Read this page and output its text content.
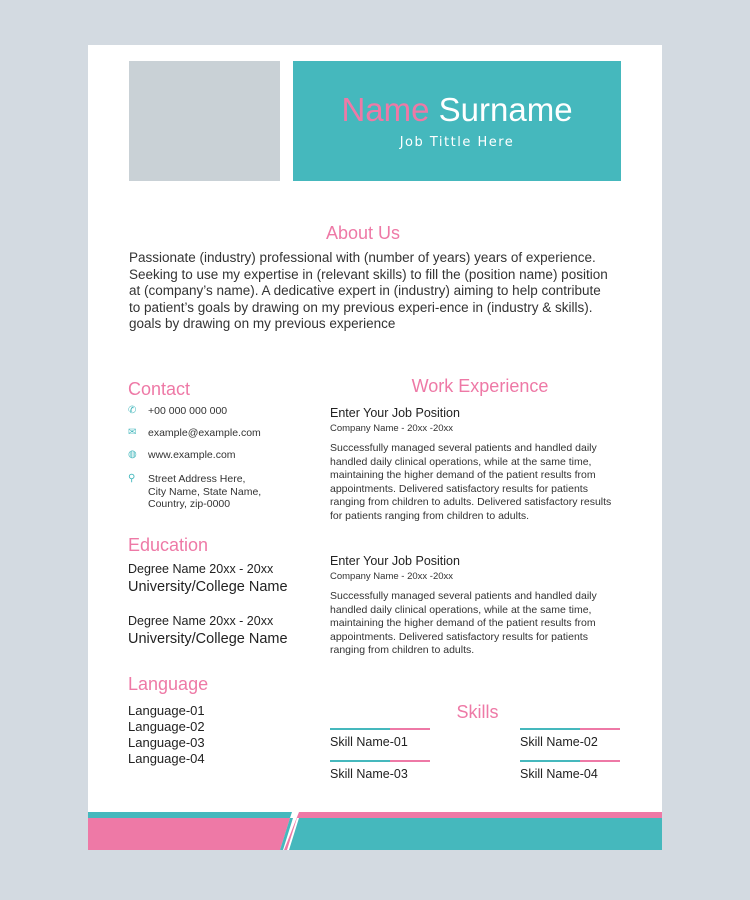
Name Surname
Job Tittle Here
About Us
Passionate (industry) professional with (number of years) years of experience. Seeking to use my expertise in (relevant skills) to fill the (position name) position at (company’s name). A dedicative expert in (industry) aiming to help contribute to patient’s goals by drawing on my previous experi-ence in (industry & skills). goals by drawing on my previous experience
Contact
✆	+00 000 000 000
✉	example@example.com
◍	www.example.com
⚲	Street Address Here,
City Name, State Name,
Country, zip-0000
Education
Degree Name 20xx - 20xx
University/College Name
Degree Name 20xx - 20xx
University/College Name
Language
Language-01
Language-02
Language-03
Language-04
Work Experience
Enter Your Job Position
Company Name - 20xx -20xx
Successfully managed several patients and handled daily handled daily clinical operations, while at the same time, maintaining the higher demand of the patient results from appointments. Delivered satisfactory results for patients ranging from children to adults. Delivered satisfactory results for patients ranging from children to adults.
Enter Your Job Position
Company Name - 20xx -20xx
Successfully managed several patients and handled daily handled daily clinical operations, while at the same time, maintaining the higher demand of the patient results from appointments. Delivered satisfactory results for patients ranging from children to adults.
Skills
Skill Name-01	Skill Name-02
Skill Name-03	Skill Name-04
